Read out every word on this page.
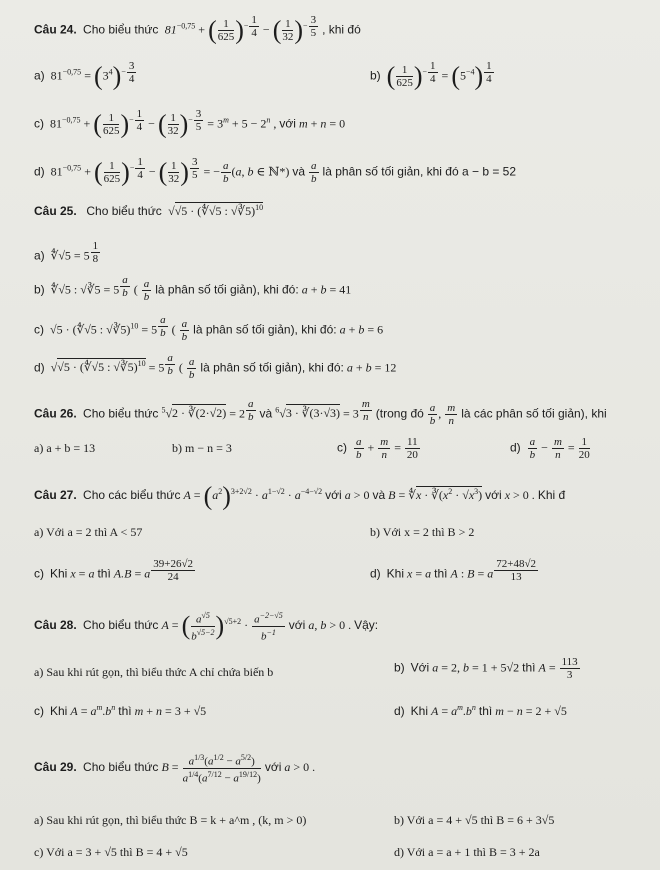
Câu 24.  Cho biểu thức  $81^{-0,75}$ + ( $\frac{1}{625} )^{- \frac{1}{4}}$ − ( $\frac{1}{32} )^{- \frac{3}{5}}$ , khi đó
a)  $81^{-0,75} = (3^4)^{- \frac{3}{4}}$	b) ( $\frac{1}{625} )^{- \frac{1}{4}} = (5^{-4})$ $^{\frac{1}{4}}$
c)  $81^{-0,75}$ + ( $\frac{1}{625} )^{- \frac{1}{4}}$ − ( $\frac{1}{32} )^{- \frac{3}{5}} = 3^m + 5 - 2^n$ , với m + n = 0
d)  $81^{-0,75}$ + ( $\frac{1}{625} )^{- \frac{1}{4}}$ − ( $\frac{1}{32}$ ) $^{\frac{3}{5}}$ = − $\frac{a}{b} (a$, b ∈ ℕ*) và $\frac{a}{b}$ là phân số tối giản, khi đó a − b = 52
Câu 25.   Cho biểu thức  √√5 · (∜√5 : √∛5)$^{10}$
a)  ∜√5 = 5 $^{\frac{1}{8}}$
b)  ∜√5 : √∛5 = 5 $^{\frac{a}{b}}$ ( $\frac{a}{b}$ là phân số tối giản), khi đó: a + b = 41
c)  √5 · (∜√5 : √∛5)$^{10}$ = 5 $^{\frac{a}{b}}$ ( $\frac{a}{b}$ là phân số tối giản), khi đó: a + b = 6
d)  √√5 · (∜√5 : √∛5)$^{10}$ = 5 $^{\frac{a}{b}}$ ( $\frac{a}{b}$ là phân số tối giản), khi đó: a + b = 12
Câu 26.  Cho biểu thức $^5$√2 · ∛(2·√2) = 2 $^{\frac{a}{b}}$ và $^6$√3 · ∛(3·√3) = 3 $^{\frac{m}{n}}$ (trong đó $\frac{a}{b}$ , $\frac{m}{n}$ là các phân số tối giản), khi
a) a + b = 13	b) m − n = 3	$c) \frac{a}{b} + \frac{m}{n} = \frac{11}{20}$	$d) \frac{a}{b} - \frac{m}{n} = \frac{1}{20}$
Câu 27.  Cho các biểu thức $A = (a^2)^{3+2√2} \cdot a^{1-√2} \cdot a^{-4-√2}$ với a > 0 và B = ∜x · $∛(x^2 \cdot √x^3)$ với x > 0 . Khi đ
a) Với a = 2 thì A < 57	b) Với x = 2 thì B > 2
c) Khi x = a thì A.B = a $^{\frac{39+26√2}{24}}$	d) Khi x = a thì A : B = a $^{\frac{72+48√2}{13}}$
Câu 28.  Cho biểu thức A = ( $\frac{a^{√5}}{b^{√5-2}} )^{√5+2} \cdot \frac{a^{-2-√5}}{b^{-1}}$ với a, b > 0 . Vậy:
a) Sau khi rút gọn, thì biểu thức A chỉ chứa biến b	b) Với a = 2, b = 1 + 5√2 thì $A = \frac{113}{3}$
c) Khi $A = a^m.b^n$ thì m + n = 3 + √5	d) Khi $A = a^m.b^n$ thì m − n = 2 + √5
Câu 29.  Cho biểu thức $B = \frac{a^{1/3}(a^{1/2} - a^{5/2})}{a^{1/4}(a^{7/12} - a^{19/12})}$ với a > 0 .
a) Sau khi rút gọn, thì biểu thức B = k + a^m , (k, m > 0)	b) Với a = 4 + √5 thì B = 6 + 3√5
c) Với a = 3 + √5 thì B = 4 + √5	d) Với a = a + 1 thì B = 3 + 2a
